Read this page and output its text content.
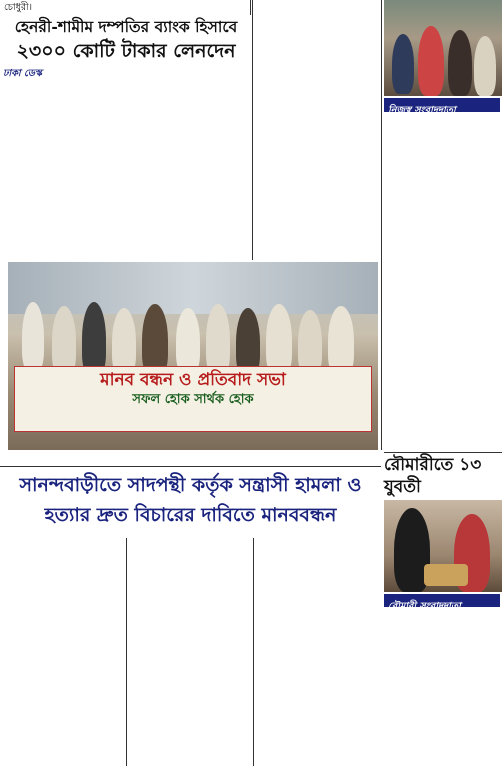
চোধুরী।
হেনরী-শামীম দম্পতির ব্যাংক হিসাবে
২৩০০ কোটি টাকার লেনদেন
ঢাকা ডেস্ক
নিজস্ব সংবাদদাতা
মানব বন্ধন ও প্রতিবাদ সভা
সফল হোক সার্থক হোক
সানন্দবাড়ীতে সাদপন্থী কর্তৃক সন্ত্রাসী হামলা ও
হত্যার দ্রুত বিচারের দাবিতে মানববন্ধন
রৌমারীতে ১৩ যুবতী
রৌমারী সংবাদদাতা
